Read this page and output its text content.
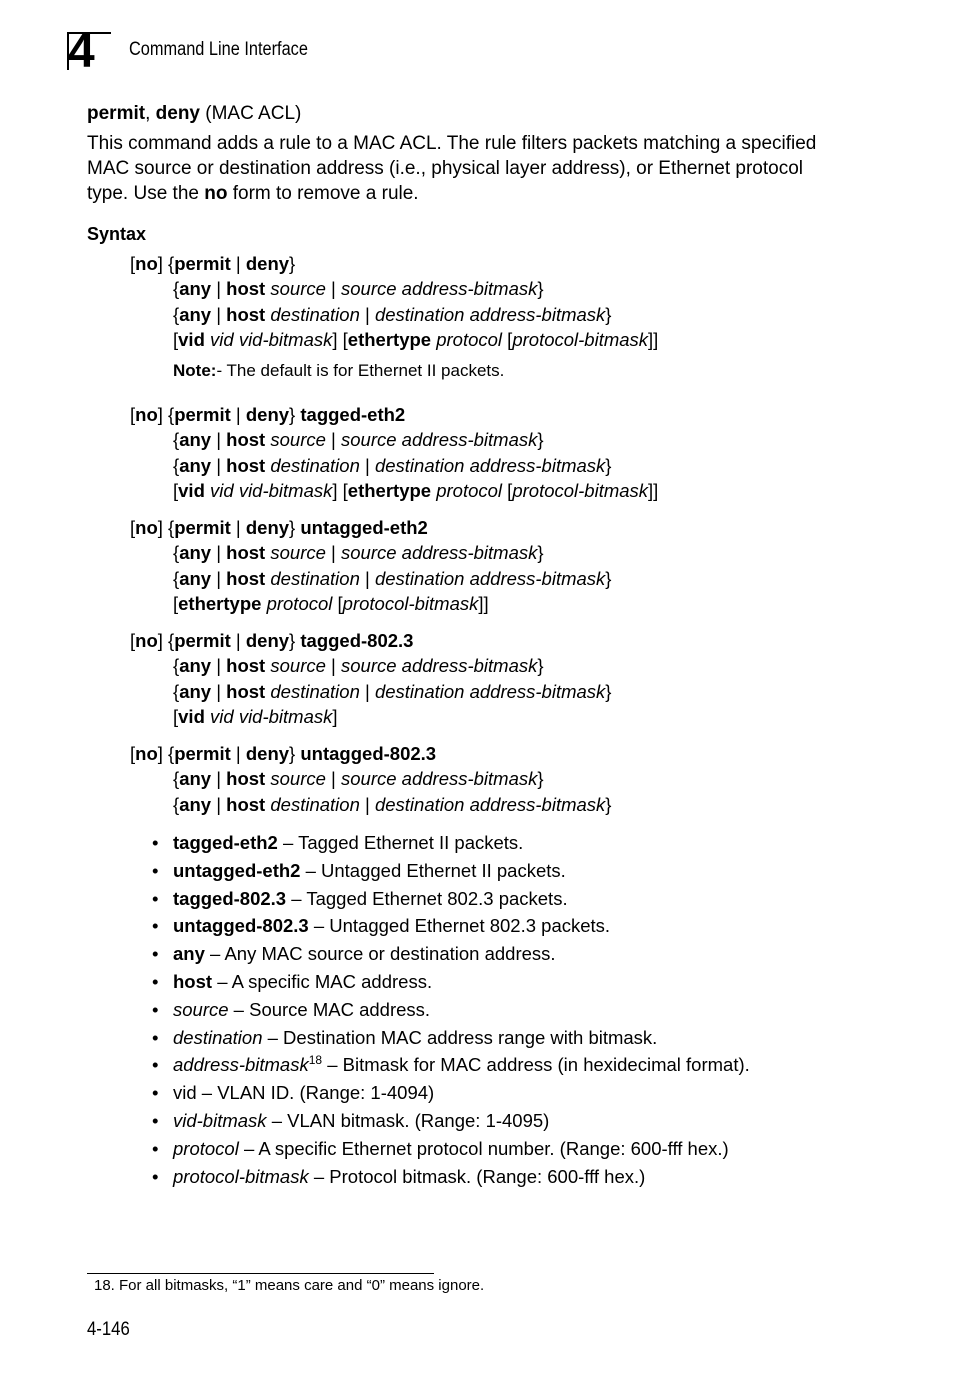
4 Command Line Interface
permit, deny (MAC ACL)

This command adds a rule to a MAC ACL. The rule filters packets matching a specified MAC source or destination address (i.e., physical layer address), or Ethernet protocol type. Use the no form to remove a rule.

Syntax
[no] {permit | deny}
{any | host source | source address-bitmask}
{any | host destination | destination address-bitmask}
[vid vid vid-bitmask] [ethertype protocol [protocol-bitmask]]
Note:- The default is for Ethernet II packets.
[no] {permit | deny} tagged-eth2
{any | host source | source address-bitmask}
{any | host destination | destination address-bitmask}
[vid vid vid-bitmask] [ethertype protocol [protocol-bitmask]]
[no] {permit | deny} untagged-eth2
{any | host source | source address-bitmask}
{any | host destination | destination address-bitmask}
[ethertype protocol [protocol-bitmask]]
[no] {permit | deny} tagged-802.3
{any | host source | source address-bitmask}
{any | host destination | destination address-bitmask}
[vid vid vid-bitmask]
[no] {permit | deny} untagged-802.3
{any | host source | source address-bitmask}
{any | host destination | destination address-bitmask}
• tagged-eth2 – Tagged Ethernet II packets.
• untagged-eth2 – Untagged Ethernet II packets.
• tagged-802.3 – Tagged Ethernet 802.3 packets.
• untagged-802.3 – Untagged Ethernet 802.3 packets.
• any – Any MAC source or destination address.
• host – A specific MAC address.
• source – Source MAC address.
• destination – Destination MAC address range with bitmask.
• address-bitmask$^{18}$ – Bitmask for MAC address (in hexidecimal format).
• vid – VLAN ID. (Range: 1-4094)
• vid-bitmask – VLAN bitmask. (Range: 1-4095)
• protocol – A specific Ethernet protocol number. (Range: 600-fff hex.)
• protocol-bitmask – Protocol bitmask. (Range: 600-fff hex.)
18. For all bitmasks, “1” means care and “0” means ignore.
4-146
